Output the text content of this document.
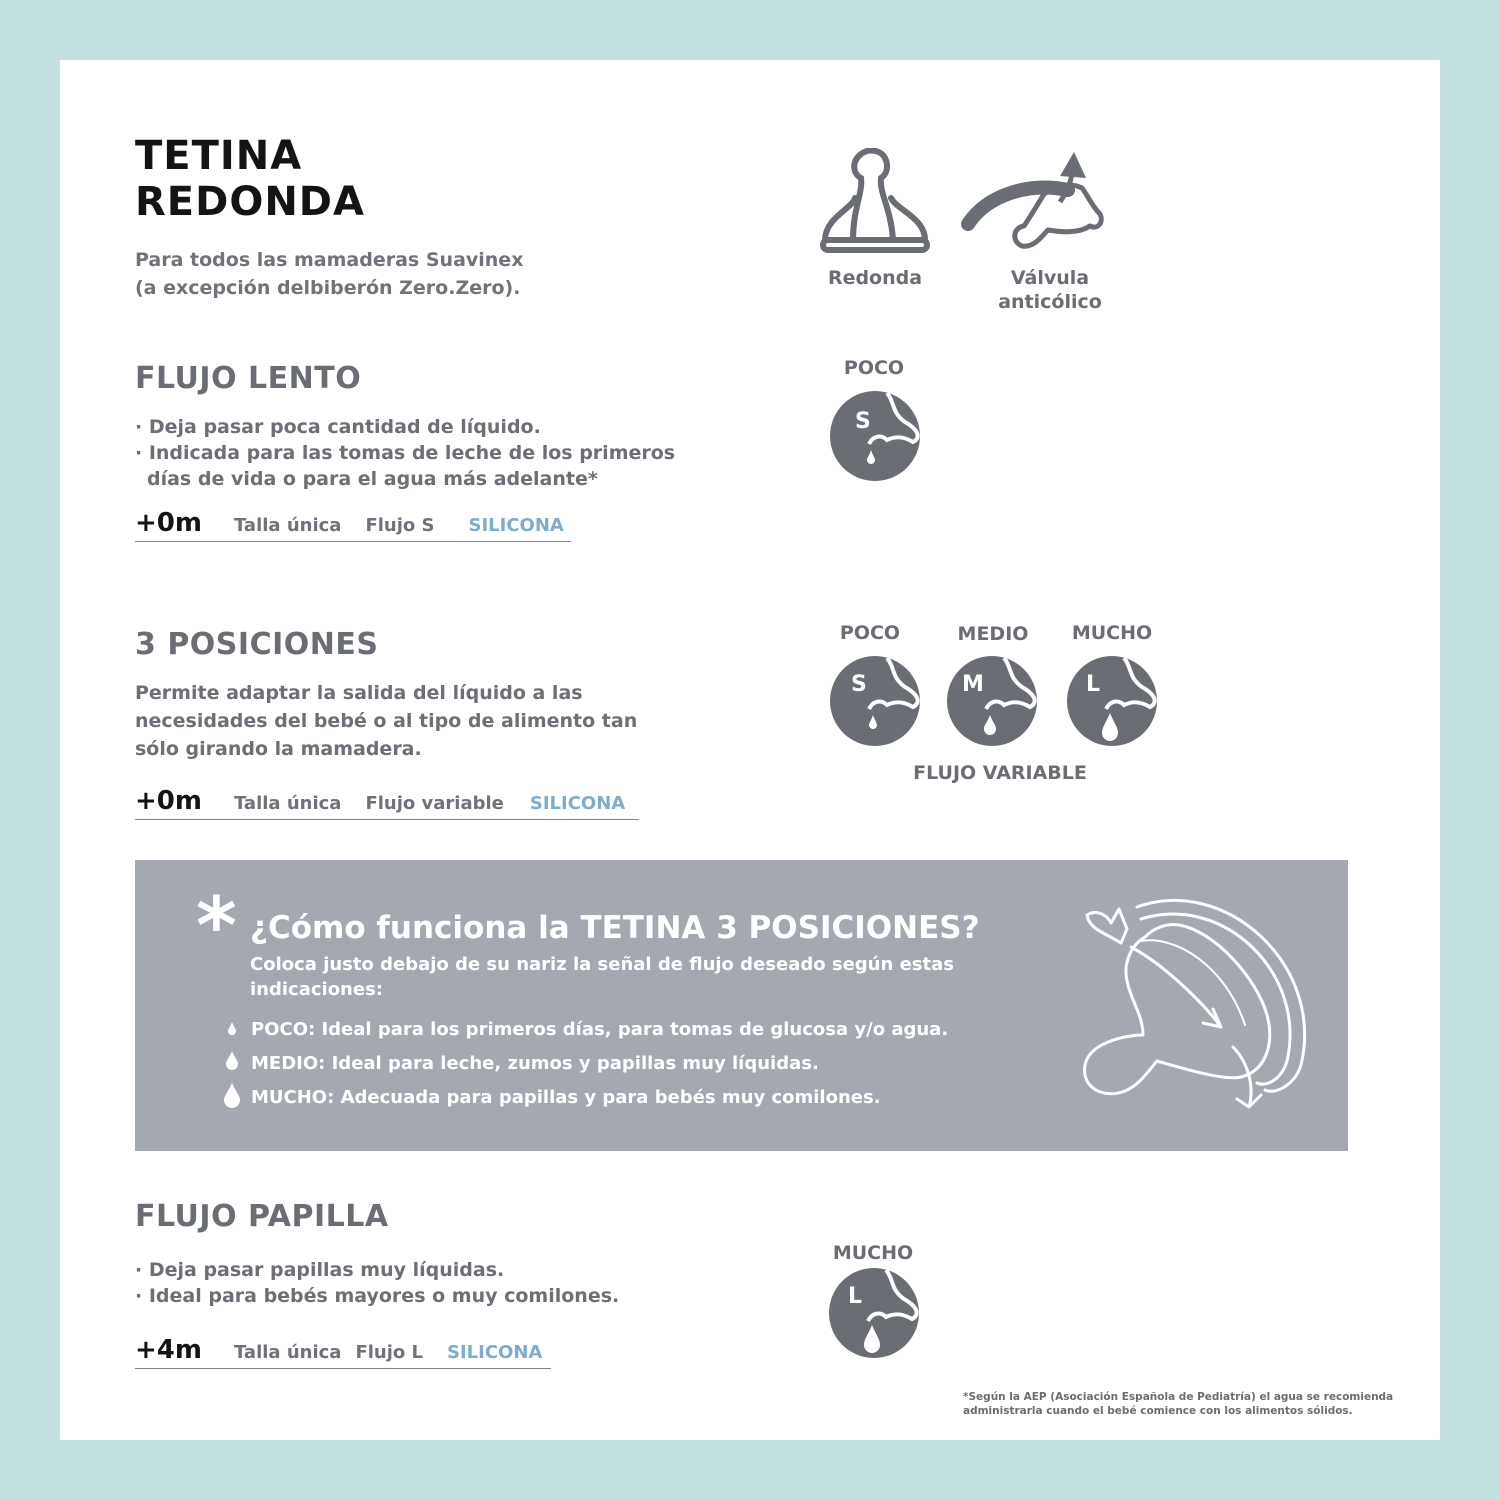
TETINA
REDONDA

Para todos las mamaderas Suavinex
(a excepción delbiberón Zero.Zero).	Redonda	Válvula
anticólico
FLUJO LENTO

· Deja pasar poca cantidad de líquido.
· Indicada para las tomas de leche de los primeros
días de vida o para el agua más adelante*

+0m Talla única Flujo S SILICONA
POCO
3 POSICIONES

Permite adaptar la salida del líquido a las
necesidades del bebé o al tipo de alimento tan
sólo girando la mamadera.

+0m Talla única Flujo variable SILICONA
POCO	MEDIO	MUCHO
FLUJO VARIABLE
* ¿Cómo funciona la TETINA 3 POSICIONES?

Coloca justo debajo de su nariz la señal de flujo deseado según estas
indicaciones:

POCO: Ideal para los primeros días, para tomas de glucosa y/o agua.
MEDIO: Ideal para leche, zumos y papillas muy líquidas.
MUCHO: Adecuada para papillas y para bebés muy comilones.
FLUJO PAPILLA

· Deja pasar papillas muy líquidas.
· Ideal para bebés mayores o muy comilones.

+4m Talla única Flujo L SILICONA
MUCHO
S
S	M	L
L

*Según la AEP (Asociación Española de Pediatría) el agua se recomienda
administrarla cuando el bebé comience con los alimentos sólidos.
